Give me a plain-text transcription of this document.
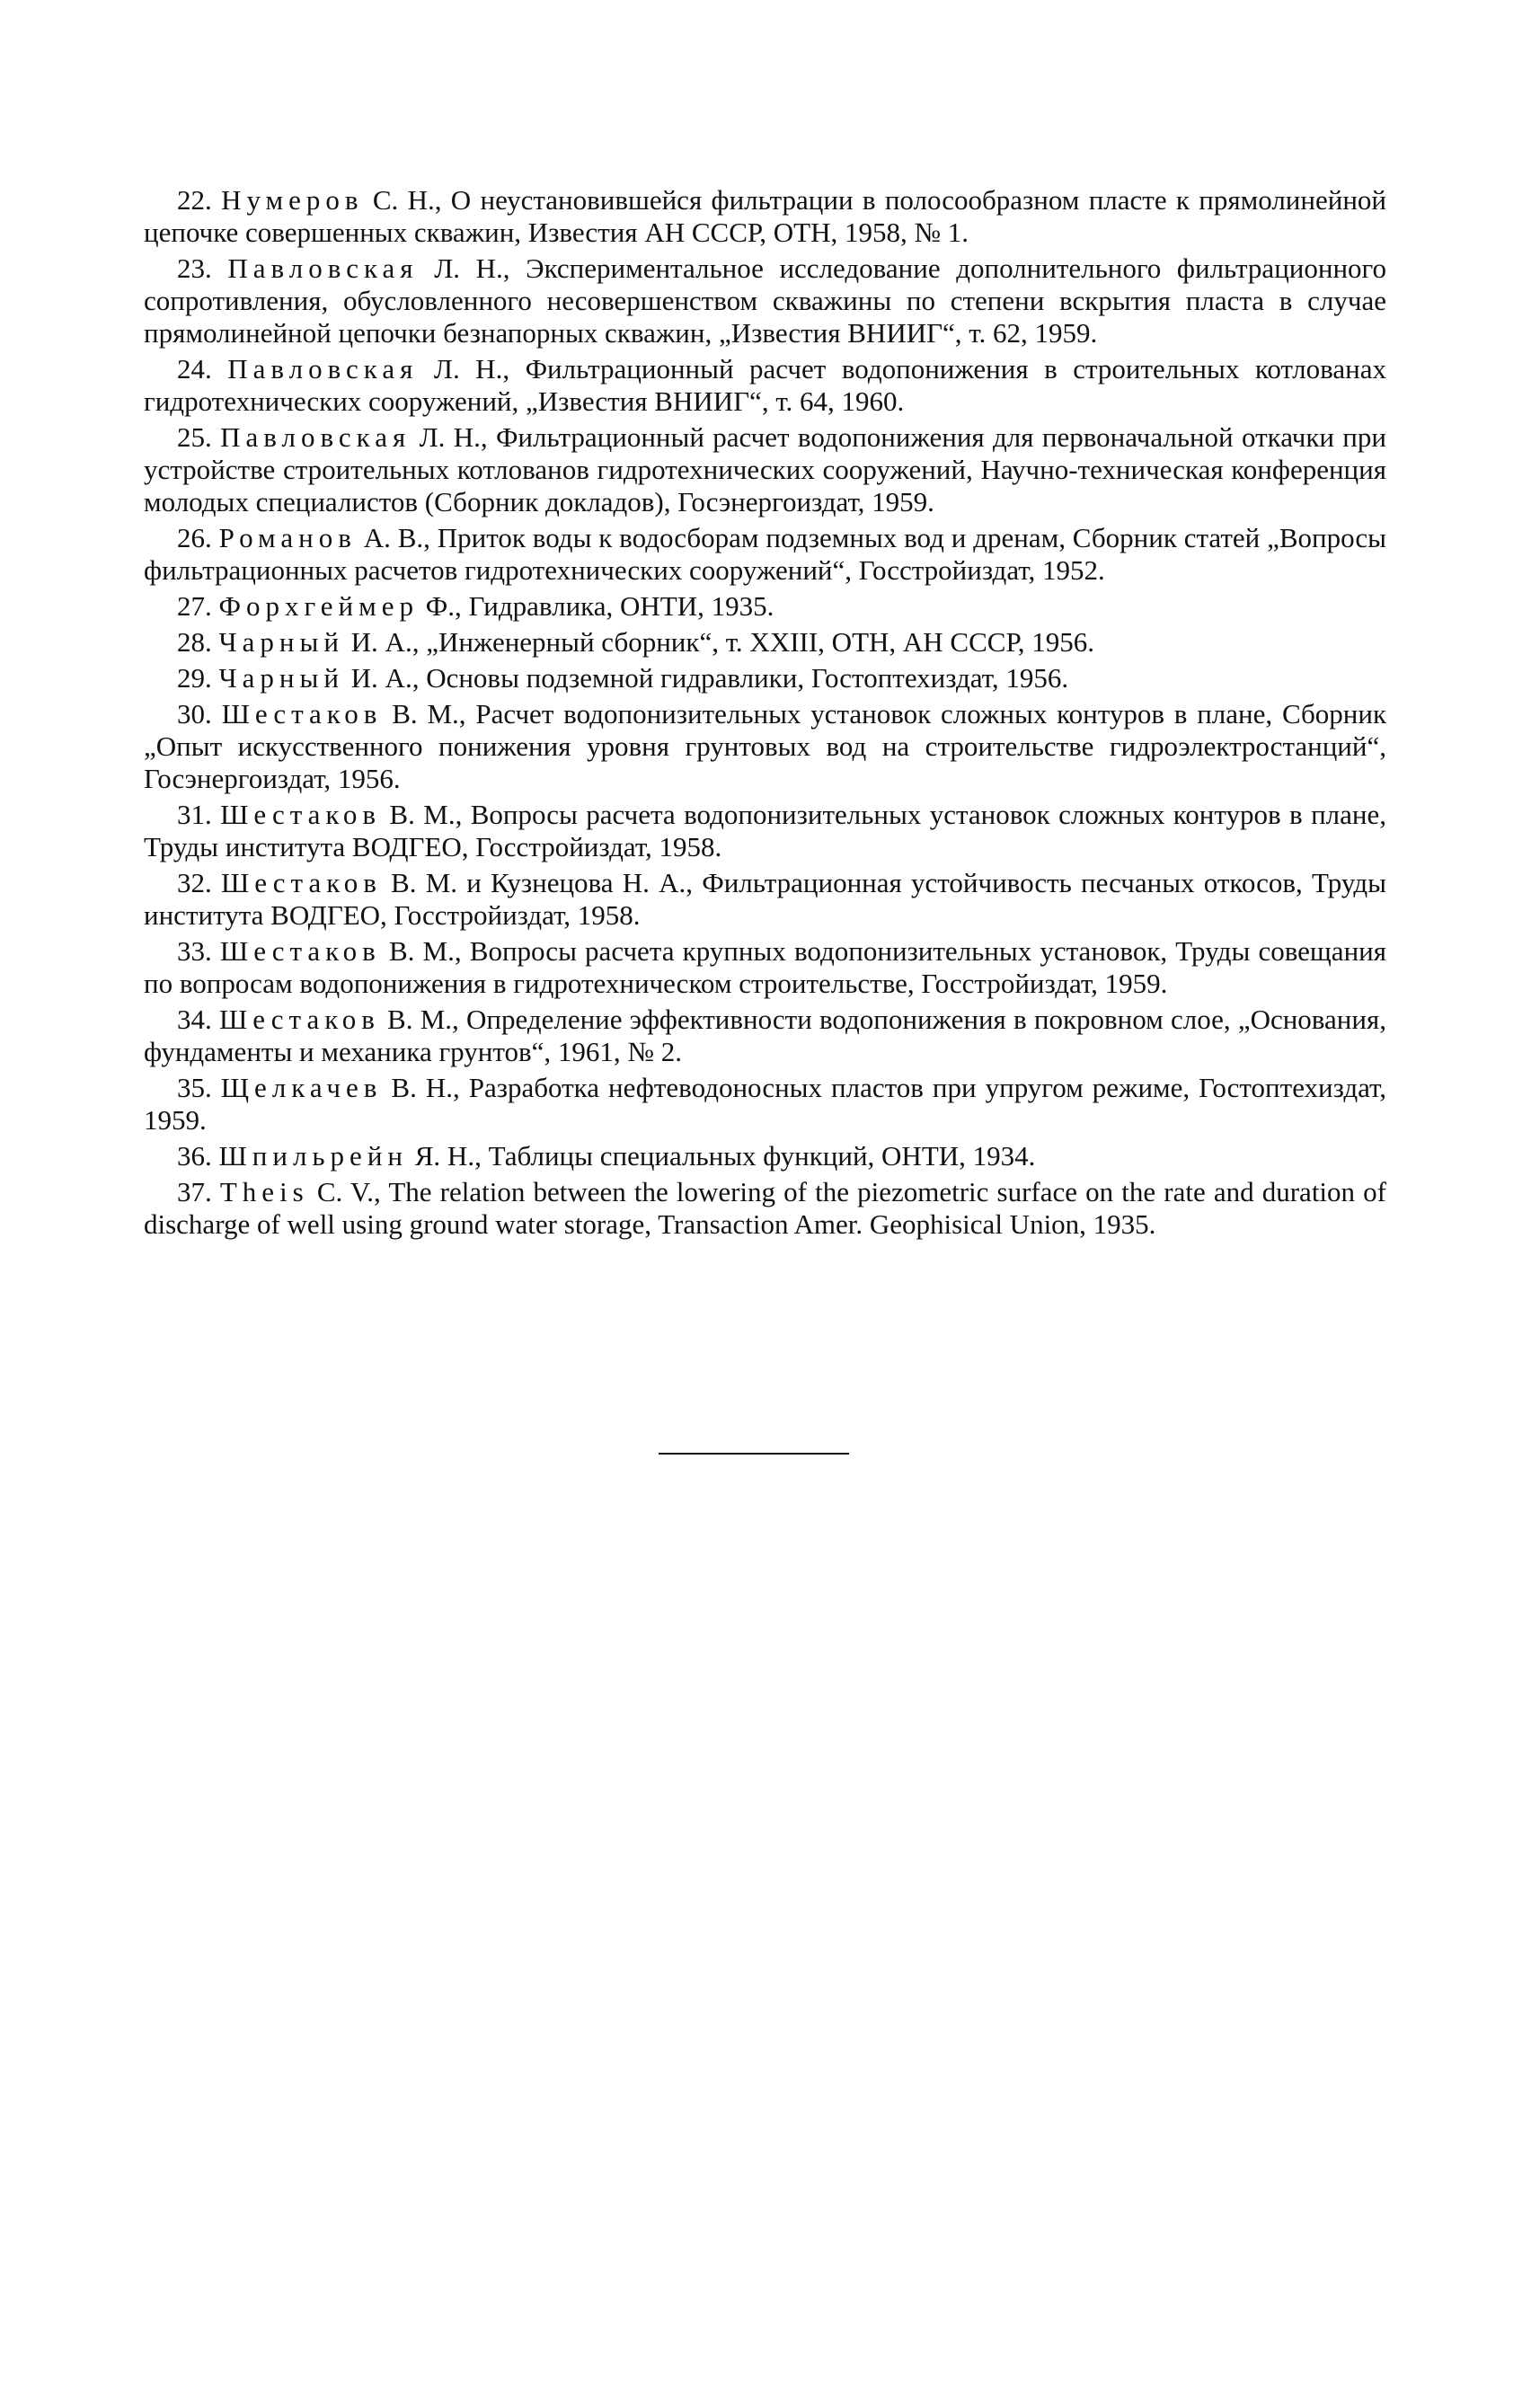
22. Нумеров С. Н., О неустановившейся фильтрации в полосообразном пласте к прямолинейной цепочке совершенных скважин, Известия АН СССР, ОТН, 1958, № 1.
23. Павловская Л. Н., Экспериментальное исследование дополнительного фильтрационного сопротивления, обусловленного несовершенством скважины по степени вскрытия пласта в случае прямолинейной цепочки безнапорных скважин, „Известия ВНИИГ“, т. 62, 1959.
24. Павловская Л. Н., Фильтрационный расчет водопонижения в строительных котлованах гидротехнических сооружений, „Известия ВНИИГ“, т. 64, 1960.
25. Павловская Л. Н., Фильтрационный расчет водопонижения для первоначальной откачки при устройстве строительных котлованов гидротехнических сооружений, Научно-техническая конференция молодых специалистов (Сборник докладов), Госэнергоиздат, 1959.
26. Романов А. В., Приток воды к водосборам подземных вод и дренам, Сборник статей „Вопросы фильтрационных расчетов гидротехнических сооружений“, Госстройиздат, 1952.
27. Форхгеймер Ф., Гидравлика, ОНТИ, 1935.
28. Чарный И. А., „Инженерный сборник“, т. XXIII, ОТН, АН СССР, 1956.
29. Чарный И. А., Основы подземной гидравлики, Гостоптехиздат, 1956.
30. Шестаков В. М., Расчет водопонизительных установок сложных контуров в плане, Сборник „Опыт искусственного понижения уровня грунтовых вод на строительстве гидроэлектростанций“, Госэнергоиздат, 1956.
31. Шестаков В. М., Вопросы расчета водопонизительных установок сложных контуров в плане, Труды института ВОДГЕО, Госстройиздат, 1958.
32. Шестаков В. М. и Кузнецова Н. А., Фильтрационная устойчивость песчаных откосов, Труды института ВОДГЕО, Госстройиздат, 1958.
33. Шестаков В. М., Вопросы расчета крупных водопонизительных установок, Труды совещания по вопросам водопонижения в гидротехническом строительстве, Госстройиздат, 1959.
34. Шестаков В. М., Определение эффективности водопонижения в покровном слое, „Основания, фундаменты и механика грунтов“, 1961, № 2.
35. Щелкачев В. Н., Разработка нефтеводоносных пластов при упругом режиме, Гостоптехиздат, 1959.
36. Шпильрейн Я. Н., Таблицы специальных функций, ОНТИ, 1934.
37. Theis C. V., The relation between the lowering of the piezometric surface on the rate and duration of discharge of well using ground water storage, Transaction Amer. Geophisical Union, 1935.
